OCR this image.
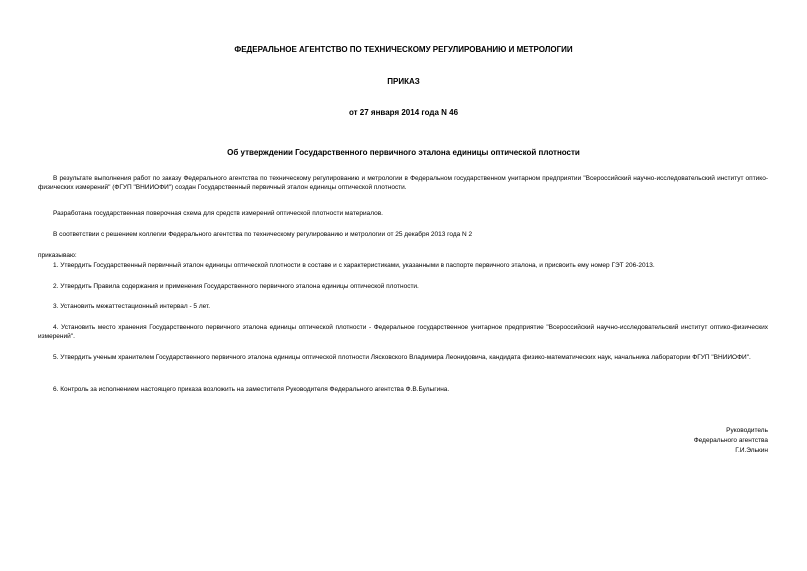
ФЕДЕРАЛЬНОЕ АГЕНТСТВО ПО ТЕХНИЧЕСКОМУ РЕГУЛИРОВАНИЮ И МЕТРОЛОГИИ
ПРИКАЗ
от 27 января 2014 года N 46
Об утверждении Государственного первичного эталона единицы оптической плотности

В результате выполнения работ по заказу Федерального агентства по техническому регулированию и метрологии в Федеральном государственном унитарном предприятии "Всероссийский научно-исследовательский институт оптико-физических измерений" (ФГУП "ВНИИОФИ") создан Государственный первичный эталон единицы оптической плотности.

Разработана государственная поверочная схема для средств измерений оптической плотности материалов.

В соответствии с решением коллегии Федерального агентства по техническому регулированию и метрологии от 25 декабря 2013 года N 2

приказываю:

1. Утвердить Государственный первичный эталон единицы оптической плотности в составе и с характеристиками, указанными в паспорте первичного эталона, и присвоить ему номер ГЭТ 206-2013.

2. Утвердить Правила содержания и применения Государственного первичного эталона единицы оптической плотности.

3. Установить межаттестационный интервал - 5 лет.

4. Установить место хранения Государственного первичного эталона единицы оптической плотности - Федеральное государственное унитарное предприятие "Всероссийский научно-исследовательский институт оптико-физических измерений".

5. Утвердить ученым хранителем Государственного первичного эталона единицы оптической плотности Лясковского Владимира Леонидовича, кандидата физико-математических наук, начальника лаборатории ФГУП "ВНИИОФИ".

6. Контроль за исполнением настоящего приказа возложить на заместителя Руководителя Федерального агентства Ф.В.Булыгина.

Руководитель
Федерального агентства
Г.И.Элькин
